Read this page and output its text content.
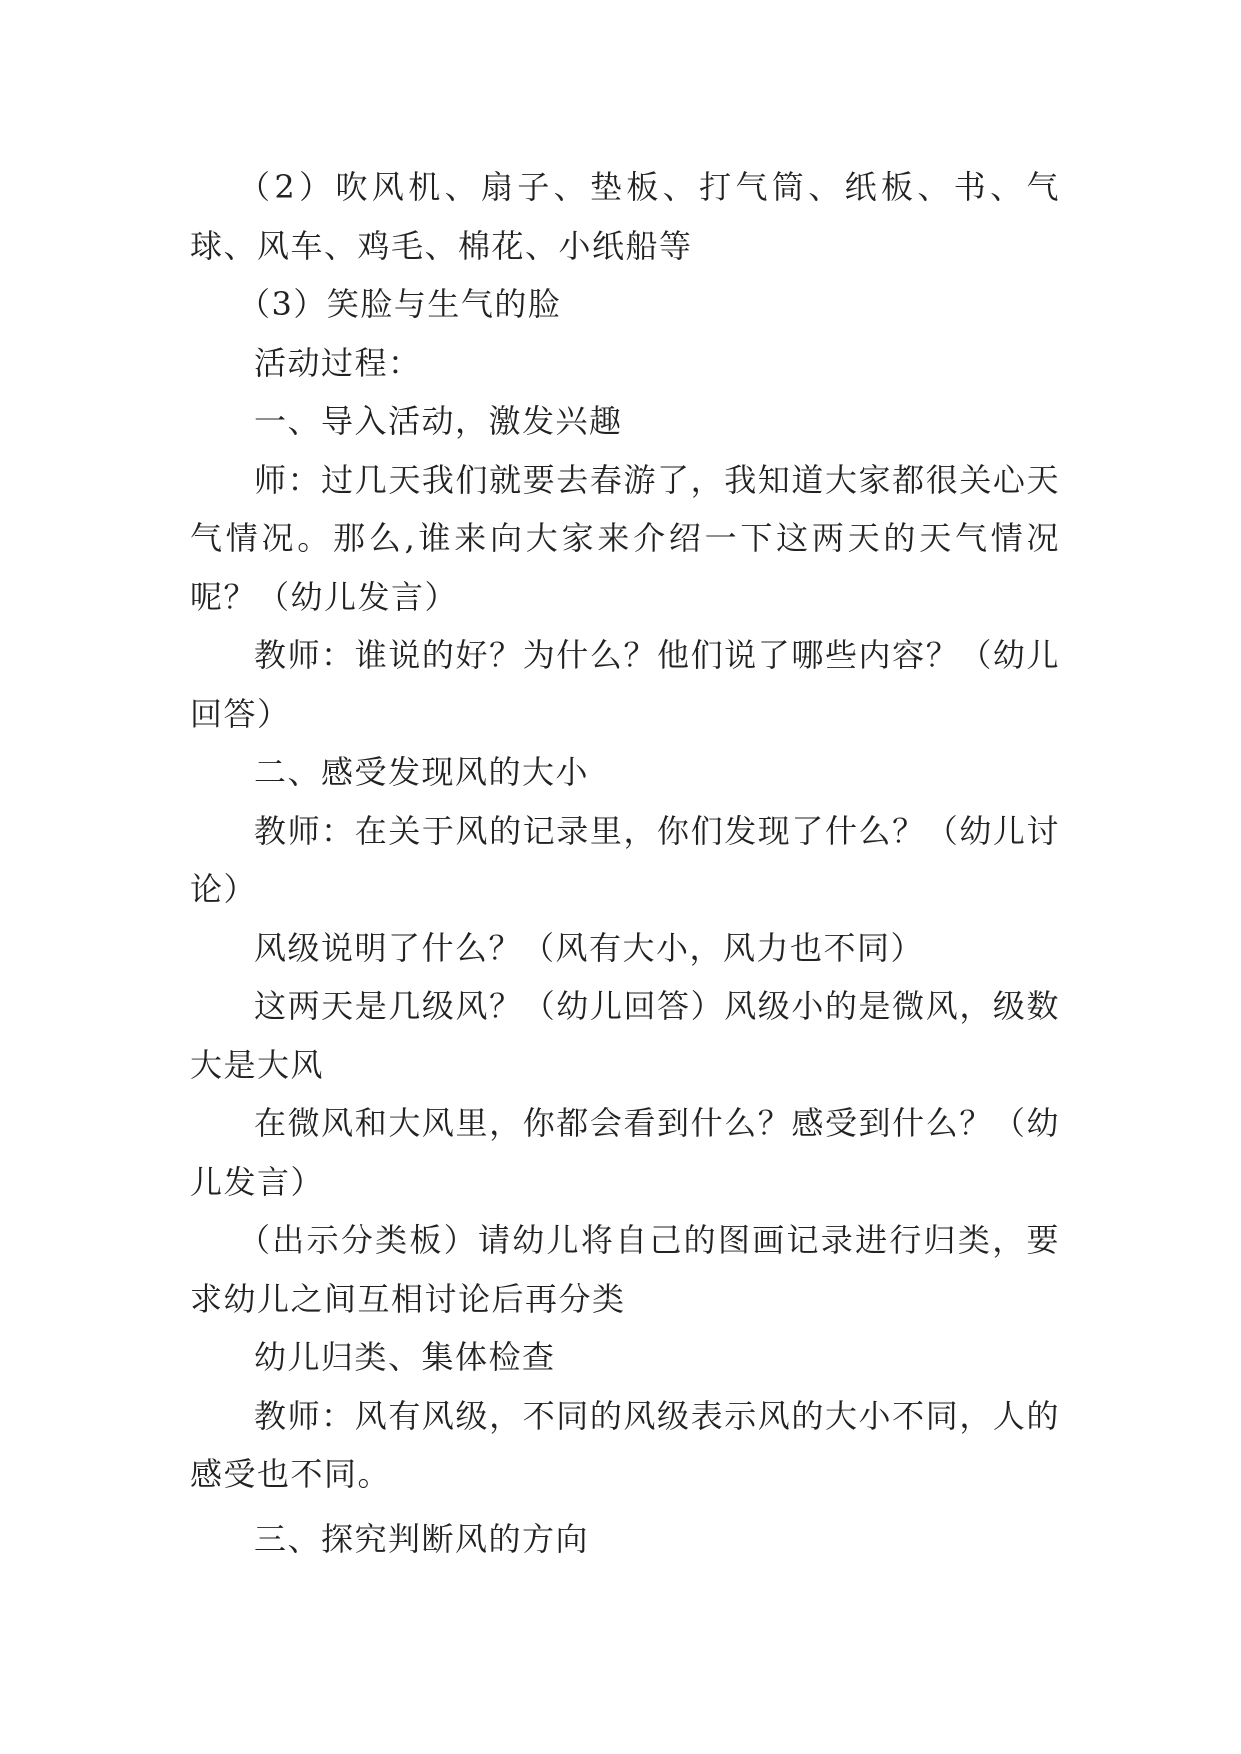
（2）吹风机、扇子、垫板、打气筒、纸板、书、气球、风车、鸡毛、棉花、小纸船等

（3）笑脸与生气的脸

活动过程：

一、导入活动，激发兴趣

师：过几天我们就要去春游了，我知道大家都很关心天气情况。那么,谁来向大家来介绍一下这两天的天气情况呢？（幼儿发言）

教师：谁说的好？为什么？他们说了哪些内容？（幼儿回答）

二、感受发现风的大小

教师：在关于风的记录里，你们发现了什么？（幼儿讨论）

风级说明了什么？（风有大小，风力也不同）

这两天是几级风？（幼儿回答）风级小的是微风，级数大是大风

在微风和大风里，你都会看到什么？感受到什么？（幼儿发言）

（出示分类板）请幼儿将自己的图画记录进行归类，要求幼儿之间互相讨论后再分类

幼儿归类、集体检查

教师：风有风级，不同的风级表示风的大小不同，人的感受也不同。

三、探究判断风的方向
